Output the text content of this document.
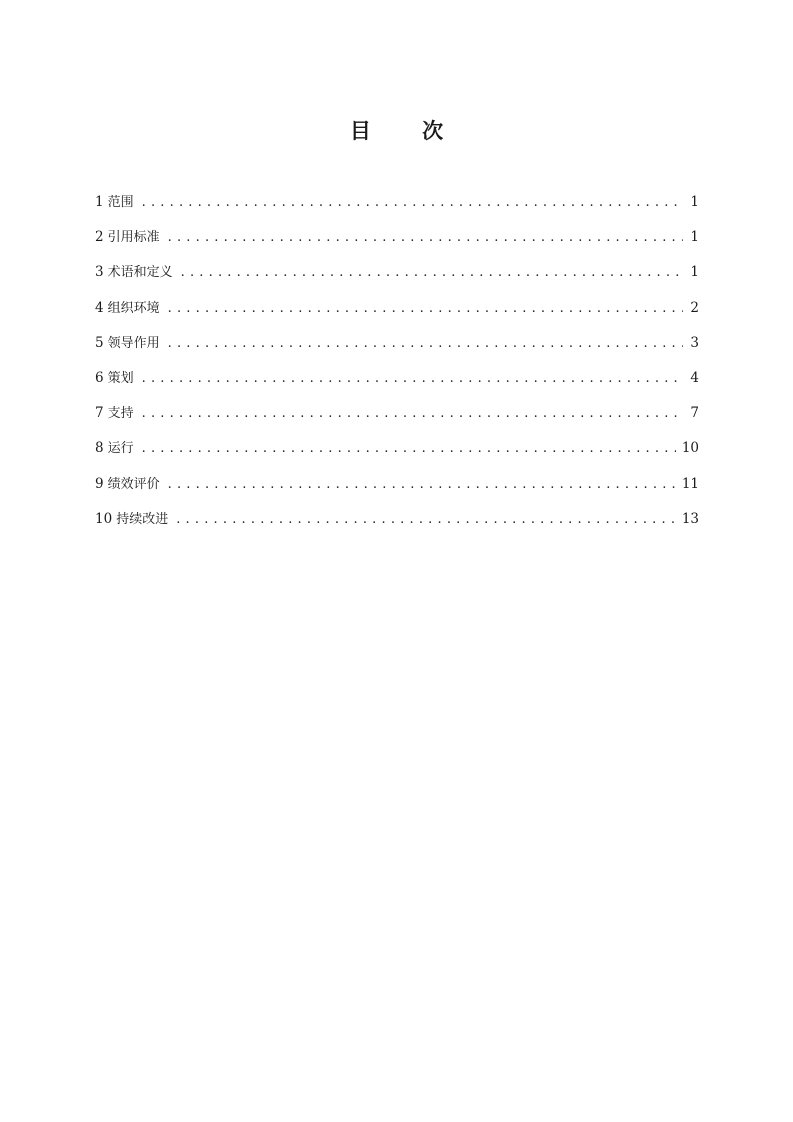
目 次
1 范围 .....	1
2 引用标准 .....	1
3 术语和定义 .....	1
4 组织环境 .....	2
5 领导作用 .....	3
6 策划 .....	4
7 支持 .....	7
8 运行 .....	10
9 绩效评价 .....	11
10 持续改进 .....	13
